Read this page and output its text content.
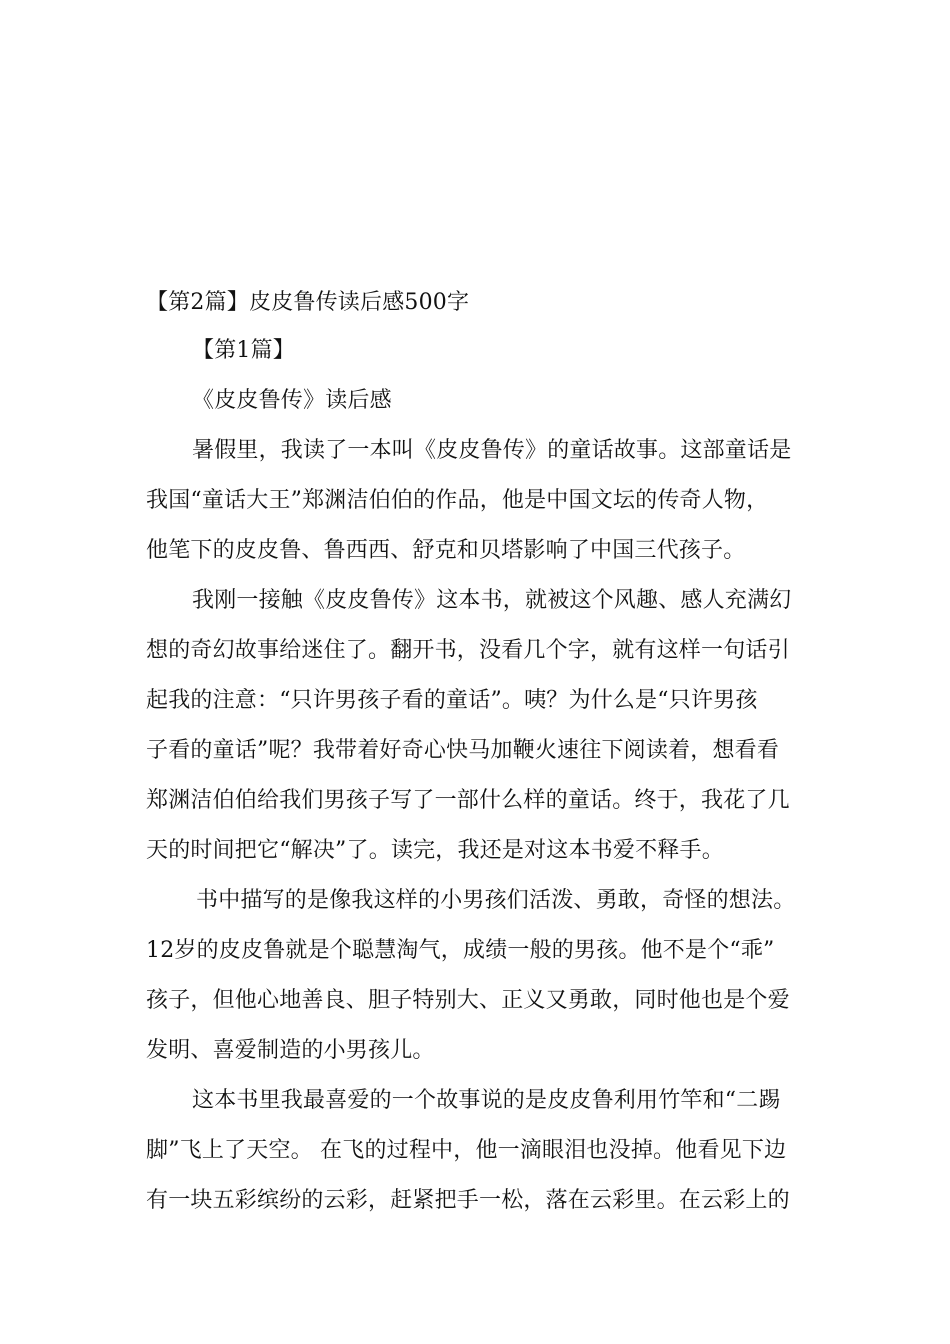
【第2篇】皮皮鲁传读后感500字
【第1篇】
《皮皮鲁传》读后感
暑假里，我读了一本叫《皮皮鲁传》的童话故事。这部童话是
我国“童话大王”郑渊洁伯伯的作品，他是中国文坛的传奇人物，
他笔下的皮皮鲁、鲁西西、舒克和贝塔影响了中国三代孩子。
我刚一接触《皮皮鲁传》这本书，就被这个风趣、感人充满幻
想的奇幻故事给迷住了。翻开书，没看几个字，就有这样一句话引
起我的注意：“只许男孩子看的童话”。咦？为什么是“只许男孩
子看的童话”呢？我带着好奇心快马加鞭火速往下阅读着，想看看
郑渊洁伯伯给我们男孩子写了一部什么样的童话。终于，我花了几
天的时间把它“解决”了。读完，我还是对这本书爱不释手。
书中描写的是像我这样的小男孩们活泼、勇敢，奇怪的想法。
12岁的皮皮鲁就是个聪慧淘气，成绩一般的男孩。他不是个“乖”
孩子，但他心地善良、胆子特别大、正义又勇敢，同时他也是个爱
发明、喜爱制造的小男孩儿。
这本书里我最喜爱的一个故事说的是皮皮鲁利用竹竿和“二踢
脚”飞上了天空。 在飞的过程中，他一滴眼泪也没掉。他看见下边
有一块五彩缤纷的云彩，赶紧把手一松，落在云彩里。在云彩上的
